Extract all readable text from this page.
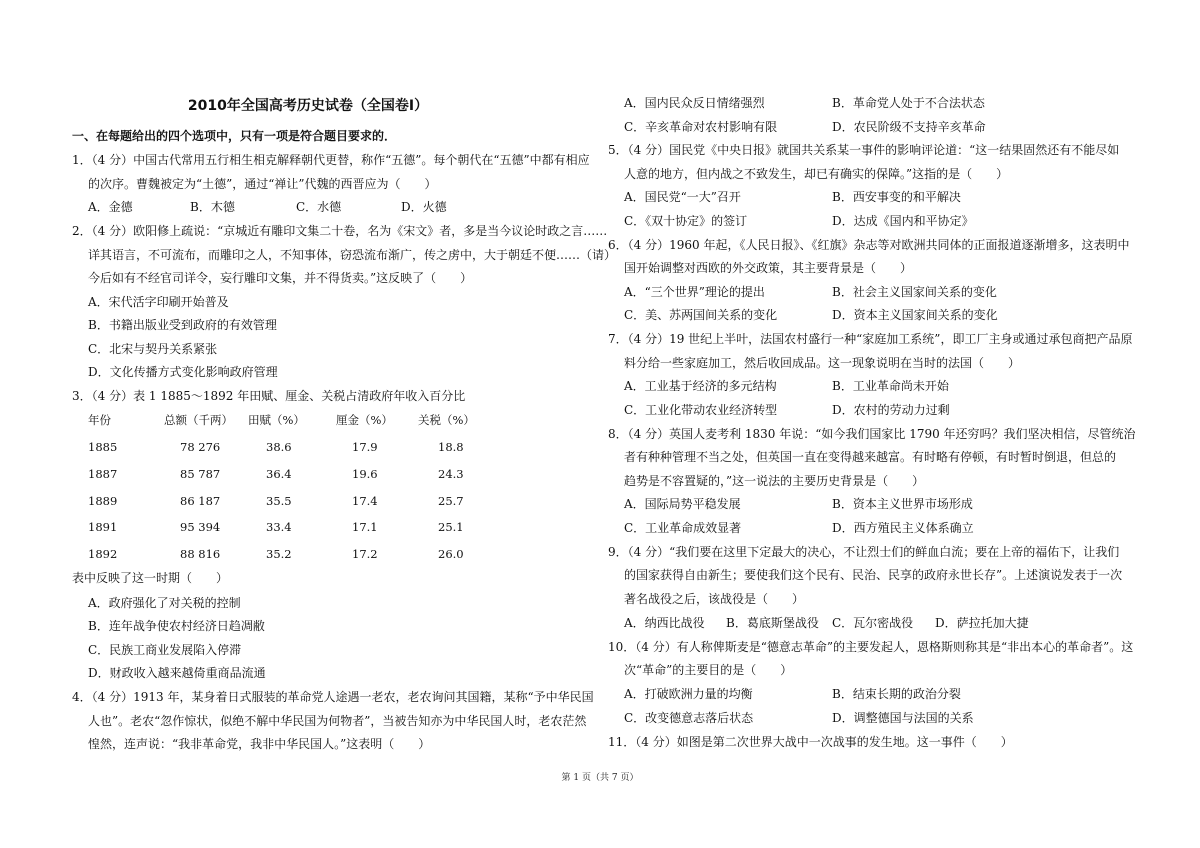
2010年全国高考历史试卷（全国卷Ⅰ）
一、在每题给出的四个选项中，只有一项是符合题目要求的．
1．（4 分）中国古代常用五行相生相克解释朝代更替，称作“五德”。每个朝代在“五德”中都有相应
的次序。曹魏被定为“土德”，通过“禅让”代魏的西晋应为（　　）
A．金德	B．木德	C．水德	D．火德
2．（4 分）欧阳修上疏说：“京城近有雕印文集二十卷，名为《宋文》者，多是当今议论时政之言……
详其语言，不可流布，而雕印之人，不知事体，窃恐流布渐广，传之虏中，大于朝廷不便……（请）
今后如有不经官司详令，妄行雕印文集，并不得货卖。”这反映了（　　）
A．宋代活字印刷开始普及
B．书籍出版业受到政府的有效管理
C．北宋与契丹关系紧张
D．文化传播方式变化影响政府管理
3．（4 分）表 1 1885～1892 年田赋、厘金、关税占清政府年收入百分比
年份	总额（千两） 田赋（%）	厘金（%） 关税（%）
1885	78 276	38.6	17.9	18.8
1887	85 787	36.4	19.6	24.3
1889	86 187	35.5	17.4	25.7
1891	95 394	33.4	17.1	25.1
1892	88 816	35.2	17.2	26.0
表中反映了这一时期（　　）
A．政府强化了对关税的控制
B．连年战争使农村经济日趋凋敝
C．民族工商业发展陷入停滞
D．财政收入越来越倚重商品流通
4．（4 分）1913 年，某身着日式服装的革命党人途遇一老农，老农询问其国籍，某称“予中华民国
人也”。老农“忽作惊状，似绝不解中华民国为何物者”，当被告知亦为中华民国人时，老农茫然
惶然，连声说：“我非革命党，我非中华民国人。”这表明（　　）
A．国内民众反日情绪强烈	B．革命党人处于不合法状态
C．辛亥革命对农村影响有限	D．农民阶级不支持辛亥革命
5．（4 分）国民党《中央日报》就国共关系某一事件的影响评论道：“这一结果固然还有不能尽如
人意的地方，但内战之不致发生，却已有确实的保障。”这指的是（　　）
A．国民党“一大”召开	B．西安事变的和平解决
C．《双十协定》的签订	D．达成《国内和平协定》
6．（4 分）1960 年起，《人民日报》、《红旗》杂志等对欧洲共同体的正面报道逐渐增多，这表明中
国开始调整对西欧的外交政策，其主要背景是（　　）
A．“三个世界”理论的提出	B．社会主义国家间关系的变化
C．美、苏两国间关系的变化	D．资本主义国家间关系的变化
7．（4 分）19 世纪上半叶，法国农村盛行一种“家庭加工系统”，即工厂主身或通过承包商把产品原
料分给一些家庭加工，然后收回成品。这一现象说明在当时的法国（　　）
A．工业基于经济的多元结构	B．工业革命尚未开始
C．工业化带动农业经济转型	D．农村的劳动力过剩
8．（4 分）英国人麦考利 1830 年说：“如今我们国家比 1790 年还穷吗？我们坚决相信，尽管统治
者有种种管理不当之处，但英国一直在变得越来越富。有时略有停顿，有时暂时倒退，但总的
趋势是不容置疑的，”这一说法的主要历史背景是（　　）
A．国际局势平稳发展	B．资本主义世界市场形成
C．工业革命成效显著	D．西方殖民主义体系确立
9．（4 分）“我们要在这里下定最大的决心，不让烈士们的鲜血白流；要在上帝的福佑下，让我们
的国家获得自由新生；要使我们这个民有、民治、民享的政府永世长存”。上述演说发表于一次
著名战役之后，该战役是（　　）
A．纳西比战役 B．葛底斯堡战役 C．瓦尔密战役 D．萨拉托加大捷
10．（4 分）有人称俾斯麦是“德意志革命”的主要发起人，恩格斯则称其是“非出本心的革命者”。这
次“革命”的主要目的是（　　）
A．打破欧洲力量的均衡	B．结束长期的政治分裂
C．改变德意志落后状态	D．调整德国与法国的关系
11．（4 分）如图是第二次世界大战中一次战事的发生地。这一事件（　　）
第 1 页（共 7 页）
